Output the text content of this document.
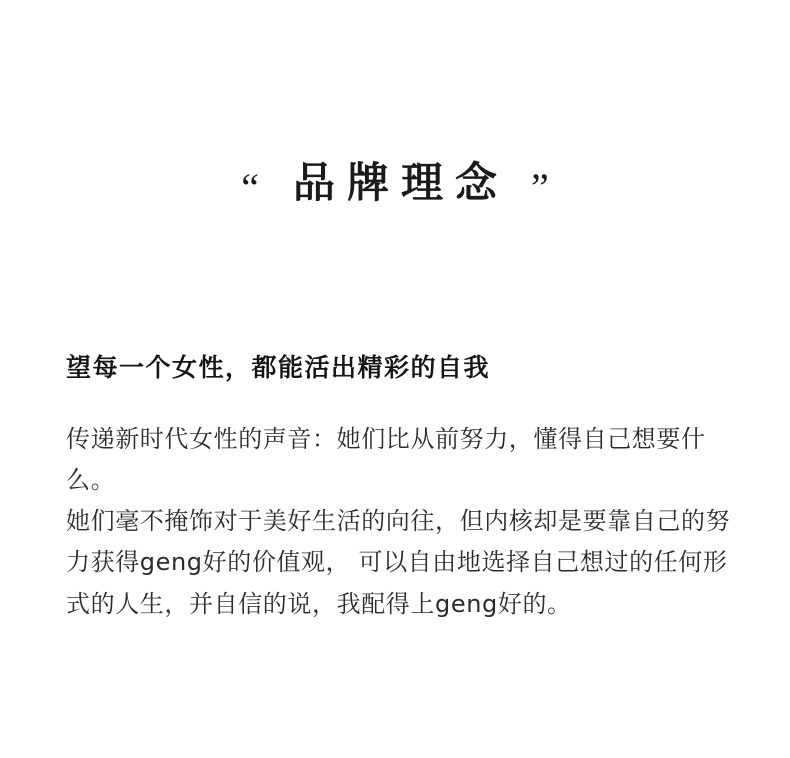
“ 品牌理念 ”
望每一个女性，都能活出精彩的自我

传递新时代女性的声音：她们比从前努力，懂得自己想要什么。

她们毫不掩饰对于美好生活的向往，但内核却是要靠自己的努力获得geng好的价值观， 可以自由地选择自己想过的任何形式的人生，并自信的说，我配得上geng好的。
